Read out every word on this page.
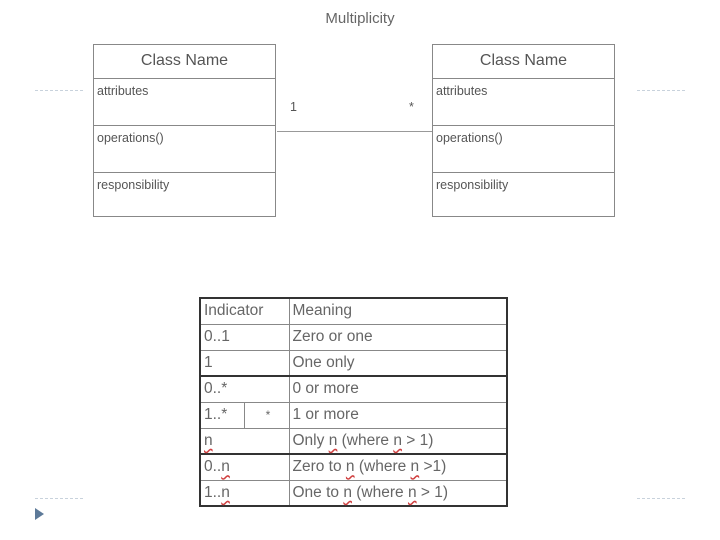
Multiplicity
Class Name
attributes
operations()
responsibility
Class Name
attributes
operations()
responsibility
1	*
Indicator		Meaning
0..1		Zero or one
1		One only
0..*		0 or more
1..*	*	1 or more
n		Only n (where n > 1)
0..n		Zero to n (where n >1)
1..n		One to n (where n > 1)
